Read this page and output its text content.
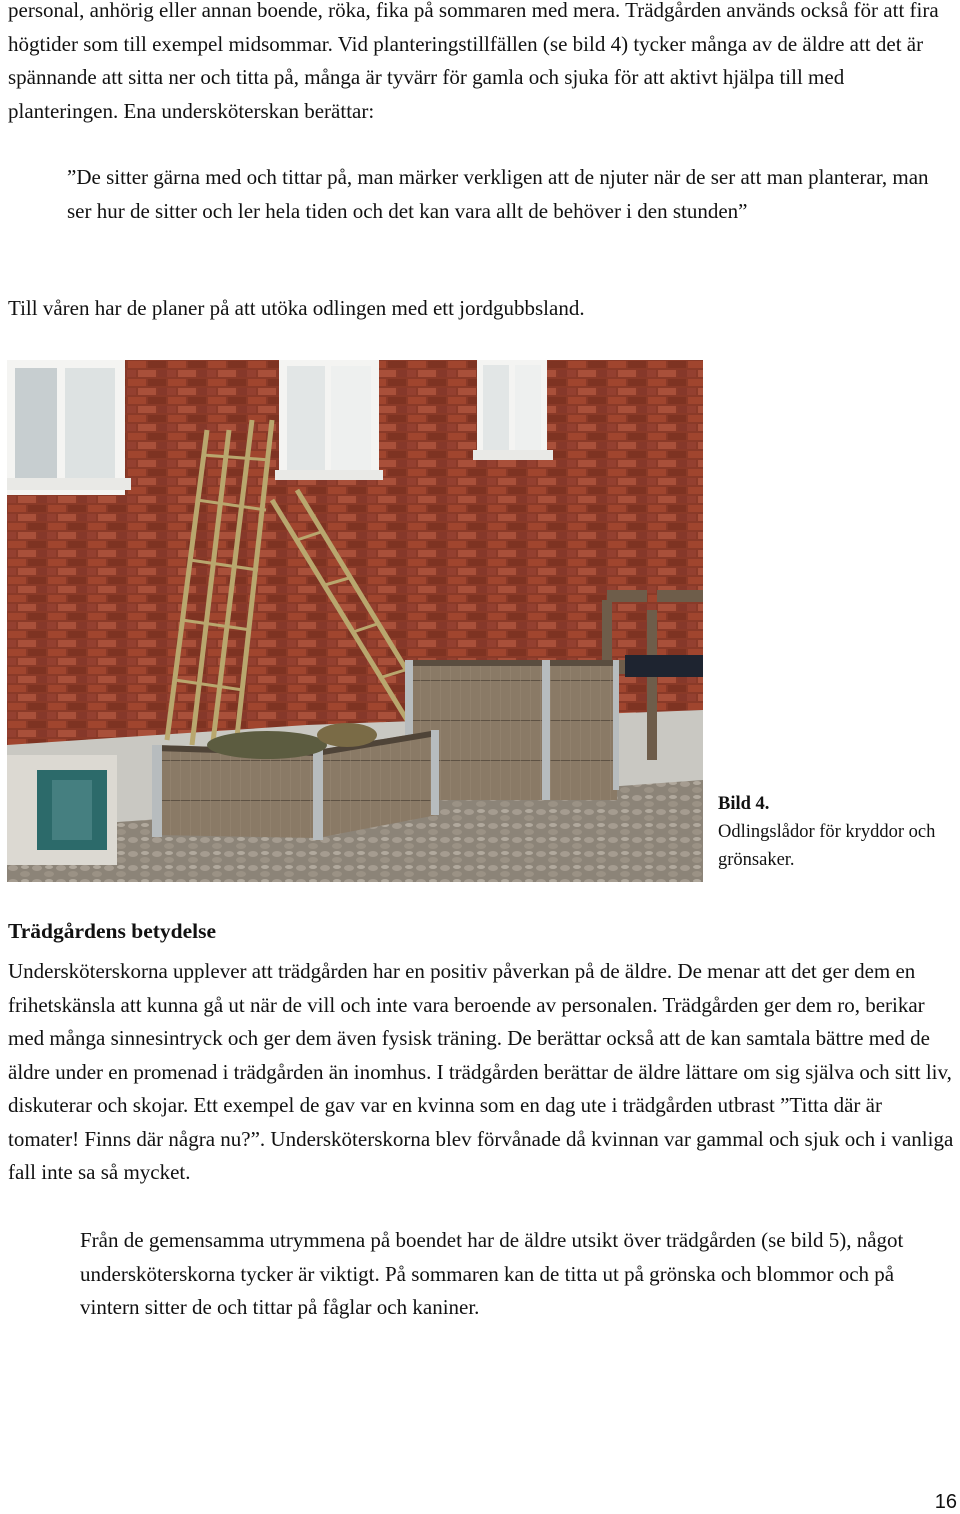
personal, anhörig eller annan boende, röka, fika på sommaren med mera. Trädgården används också för att fira högtider som till exempel midsommar. Vid planteringstillfällen (se bild 4) tycker många av de äldre att det är spännande att sitta ner och titta på, många är tyvärr för gamla och sjuka för att aktivt hjälpa till med planteringen. Ena undersköterskan berättar:

”De sitter gärna med och tittar på, man märker verkligen att de njuter när de ser att man planterar, man ser hur de sitter och ler hela tiden och det kan vara allt de behöver i den stunden”

Till våren har de planer på att utöka odlingen med ett jordgubbsland.

Bild 4.
Odlingslådor för kryddor och grönsaker.
Trädgårdens betydelse

Undersköterskorna upplever att trädgården har en positiv påverkan på de äldre. De menar att det ger dem en frihetskänsla att kunna gå ut när de vill och inte vara beroende av personalen. Trädgården ger dem ro, berikar med många sinnesintryck och ger dem även fysisk träning. De berättar också att de kan samtala bättre med de äldre under en promenad i trädgården än inomhus. I trädgården berättar de äldre lättare om sig själva och sitt liv, diskuterar och skojar. Ett exempel de gav var en kvinna som en dag ute i trädgården utbrast ”Titta där är tomater! Finns där några nu?”. Undersköterskorna blev förvånade då kvinnan var gammal och sjuk och i vanliga fall inte sa så mycket.

Från de gemensamma utrymmena på boendet har de äldre utsikt över trädgården (se bild 5), något undersköterskorna tycker är viktigt. På sommaren kan de titta ut på grönska och blommor och på vintern sitter de och tittar på fåglar och kaniner.

16
